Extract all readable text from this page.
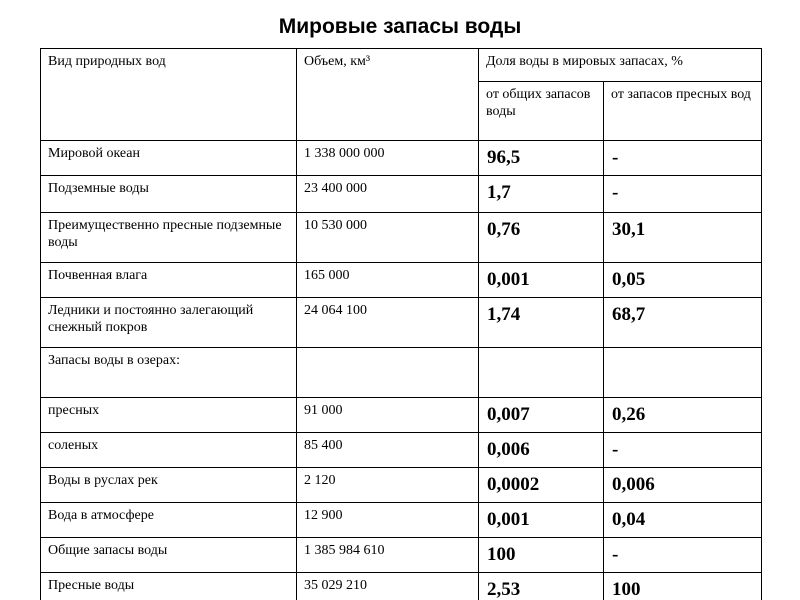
Мировые запасы воды
Вид природных вод	Объем, км³	Доля воды в мировых запасах, %	

		от общих запасов воды	от запасов пресных вод

Мировой океан	1 338 000 000	96,5	-

Подземные воды	23 400 000	1,7	-

Преимущественно пресные подземные воды	10 530 000	0,76	30,1

Почвенная влага	165 000	0,001	0,05

Ледники и постоянно залегающий снежный покров	24 064 100	1,74	68,7

Запасы воды в озерах:			

пресных	91 000	0,007	0,26

соленых	85 400	0,006	-

Воды в руслах рек	2 120	0,0002	0,006

Вода в атмосфере	12 900	0,001	0,04

Общие запасы воды	1 385 984 610	100	-

Пресные воды	35 029 210	2,53	100
